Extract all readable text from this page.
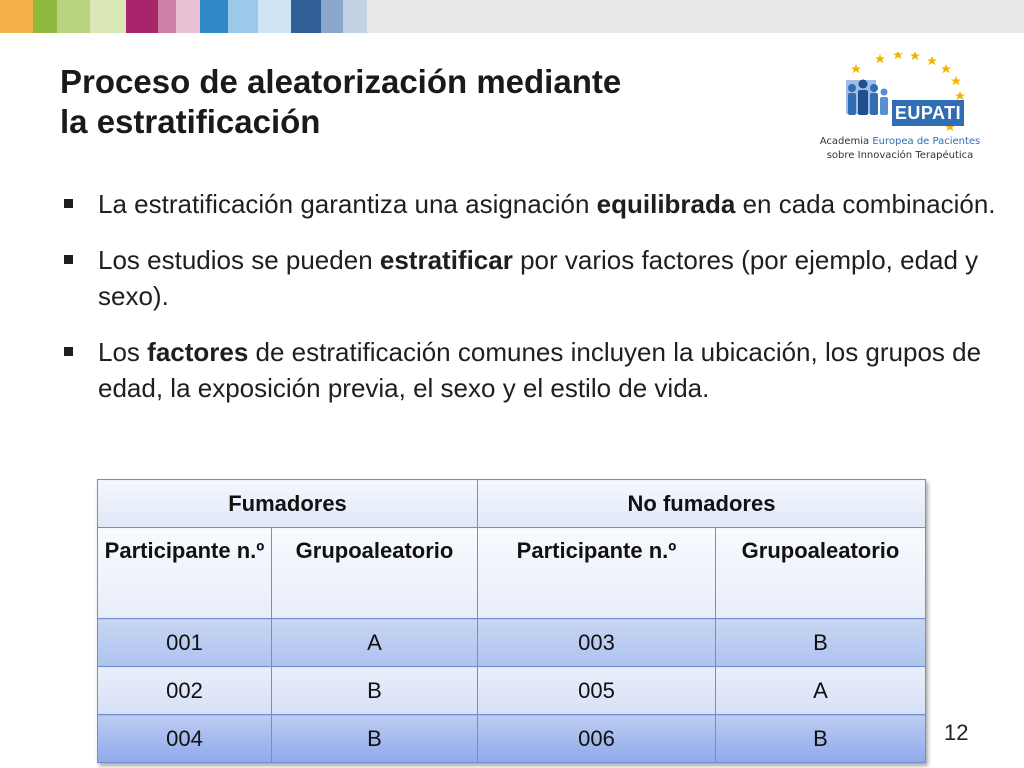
Proceso de aleatorización mediante
la estratificación	EUPATI
Academia Europea de Pacientes
sobre Innovación Terapéutica
La estratificación garantiza una asignación equilibrada en cada combinación.
Los estudios se pueden estratificar por varios factores (por ejemplo, edad y sexo).
Los factores de estratificación comunes incluyen la ubicación, los grupos de edad, la exposición previa, el sexo y el estilo de vida.
Fumadores		No fumadores	
Participante n.º	Grupoaleatorio	Participante n.º	Grupoaleatorio
001	A	003	B
002	B	005	A
004	B	006	B	12
